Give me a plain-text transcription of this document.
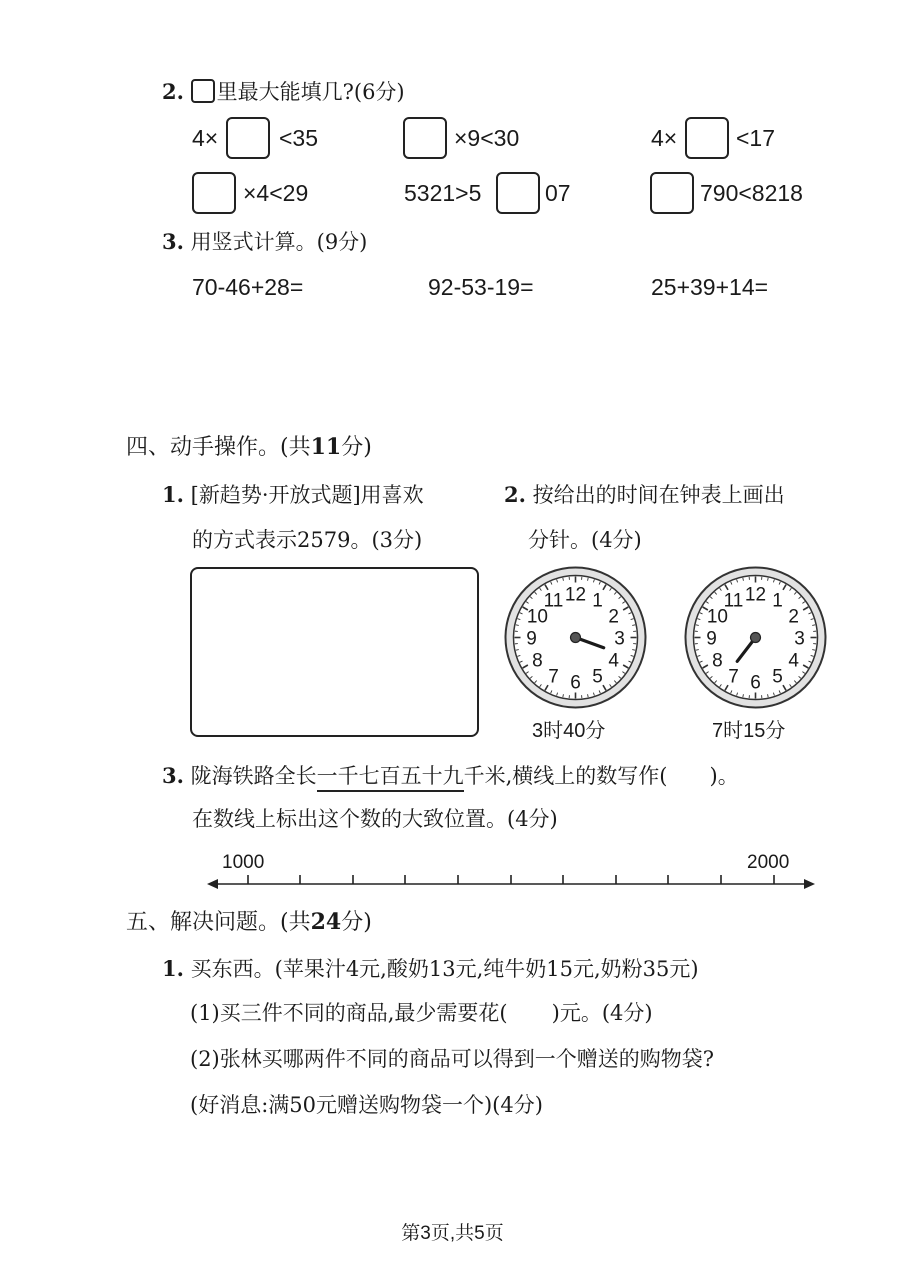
2. 里最大能填几?(6分)
4×	<35	×9<30	4×	<17
×4<29	5321>5	07	790<8218
3. 用竖式计算。(9分)
70-46+28=	92-53-19=	25+39+14=
四、动手操作。(共11分)
1. [新趋势·开放式题]用喜欢
的方式表示2579。(3分)
2. 按给出的时间在钟表上画出
分针。(4分)
12 1
2
3
4
5
6
7
8
9
10
11	12 1
2
3
4
5
6
7
8
9
10
11
3时40分	7时15分
3. 陇海铁路全长一千七百五十九千米,横线上的数写作( )。
在数线上标出这个数的大致位置。(4分)
1000	2000
五、解决问题。(共24分)
1. 买东西。(苹果汁4元,酸奶13元,纯牛奶15元,奶粉35元)
(1)买三件不同的商品,最少需要花( )元。(4分)
(2)张林买哪两件不同的商品可以得到一个赠送的购物袋?
(好消息:满50元赠送购物袋一个)(4分)
第3页,共5页
